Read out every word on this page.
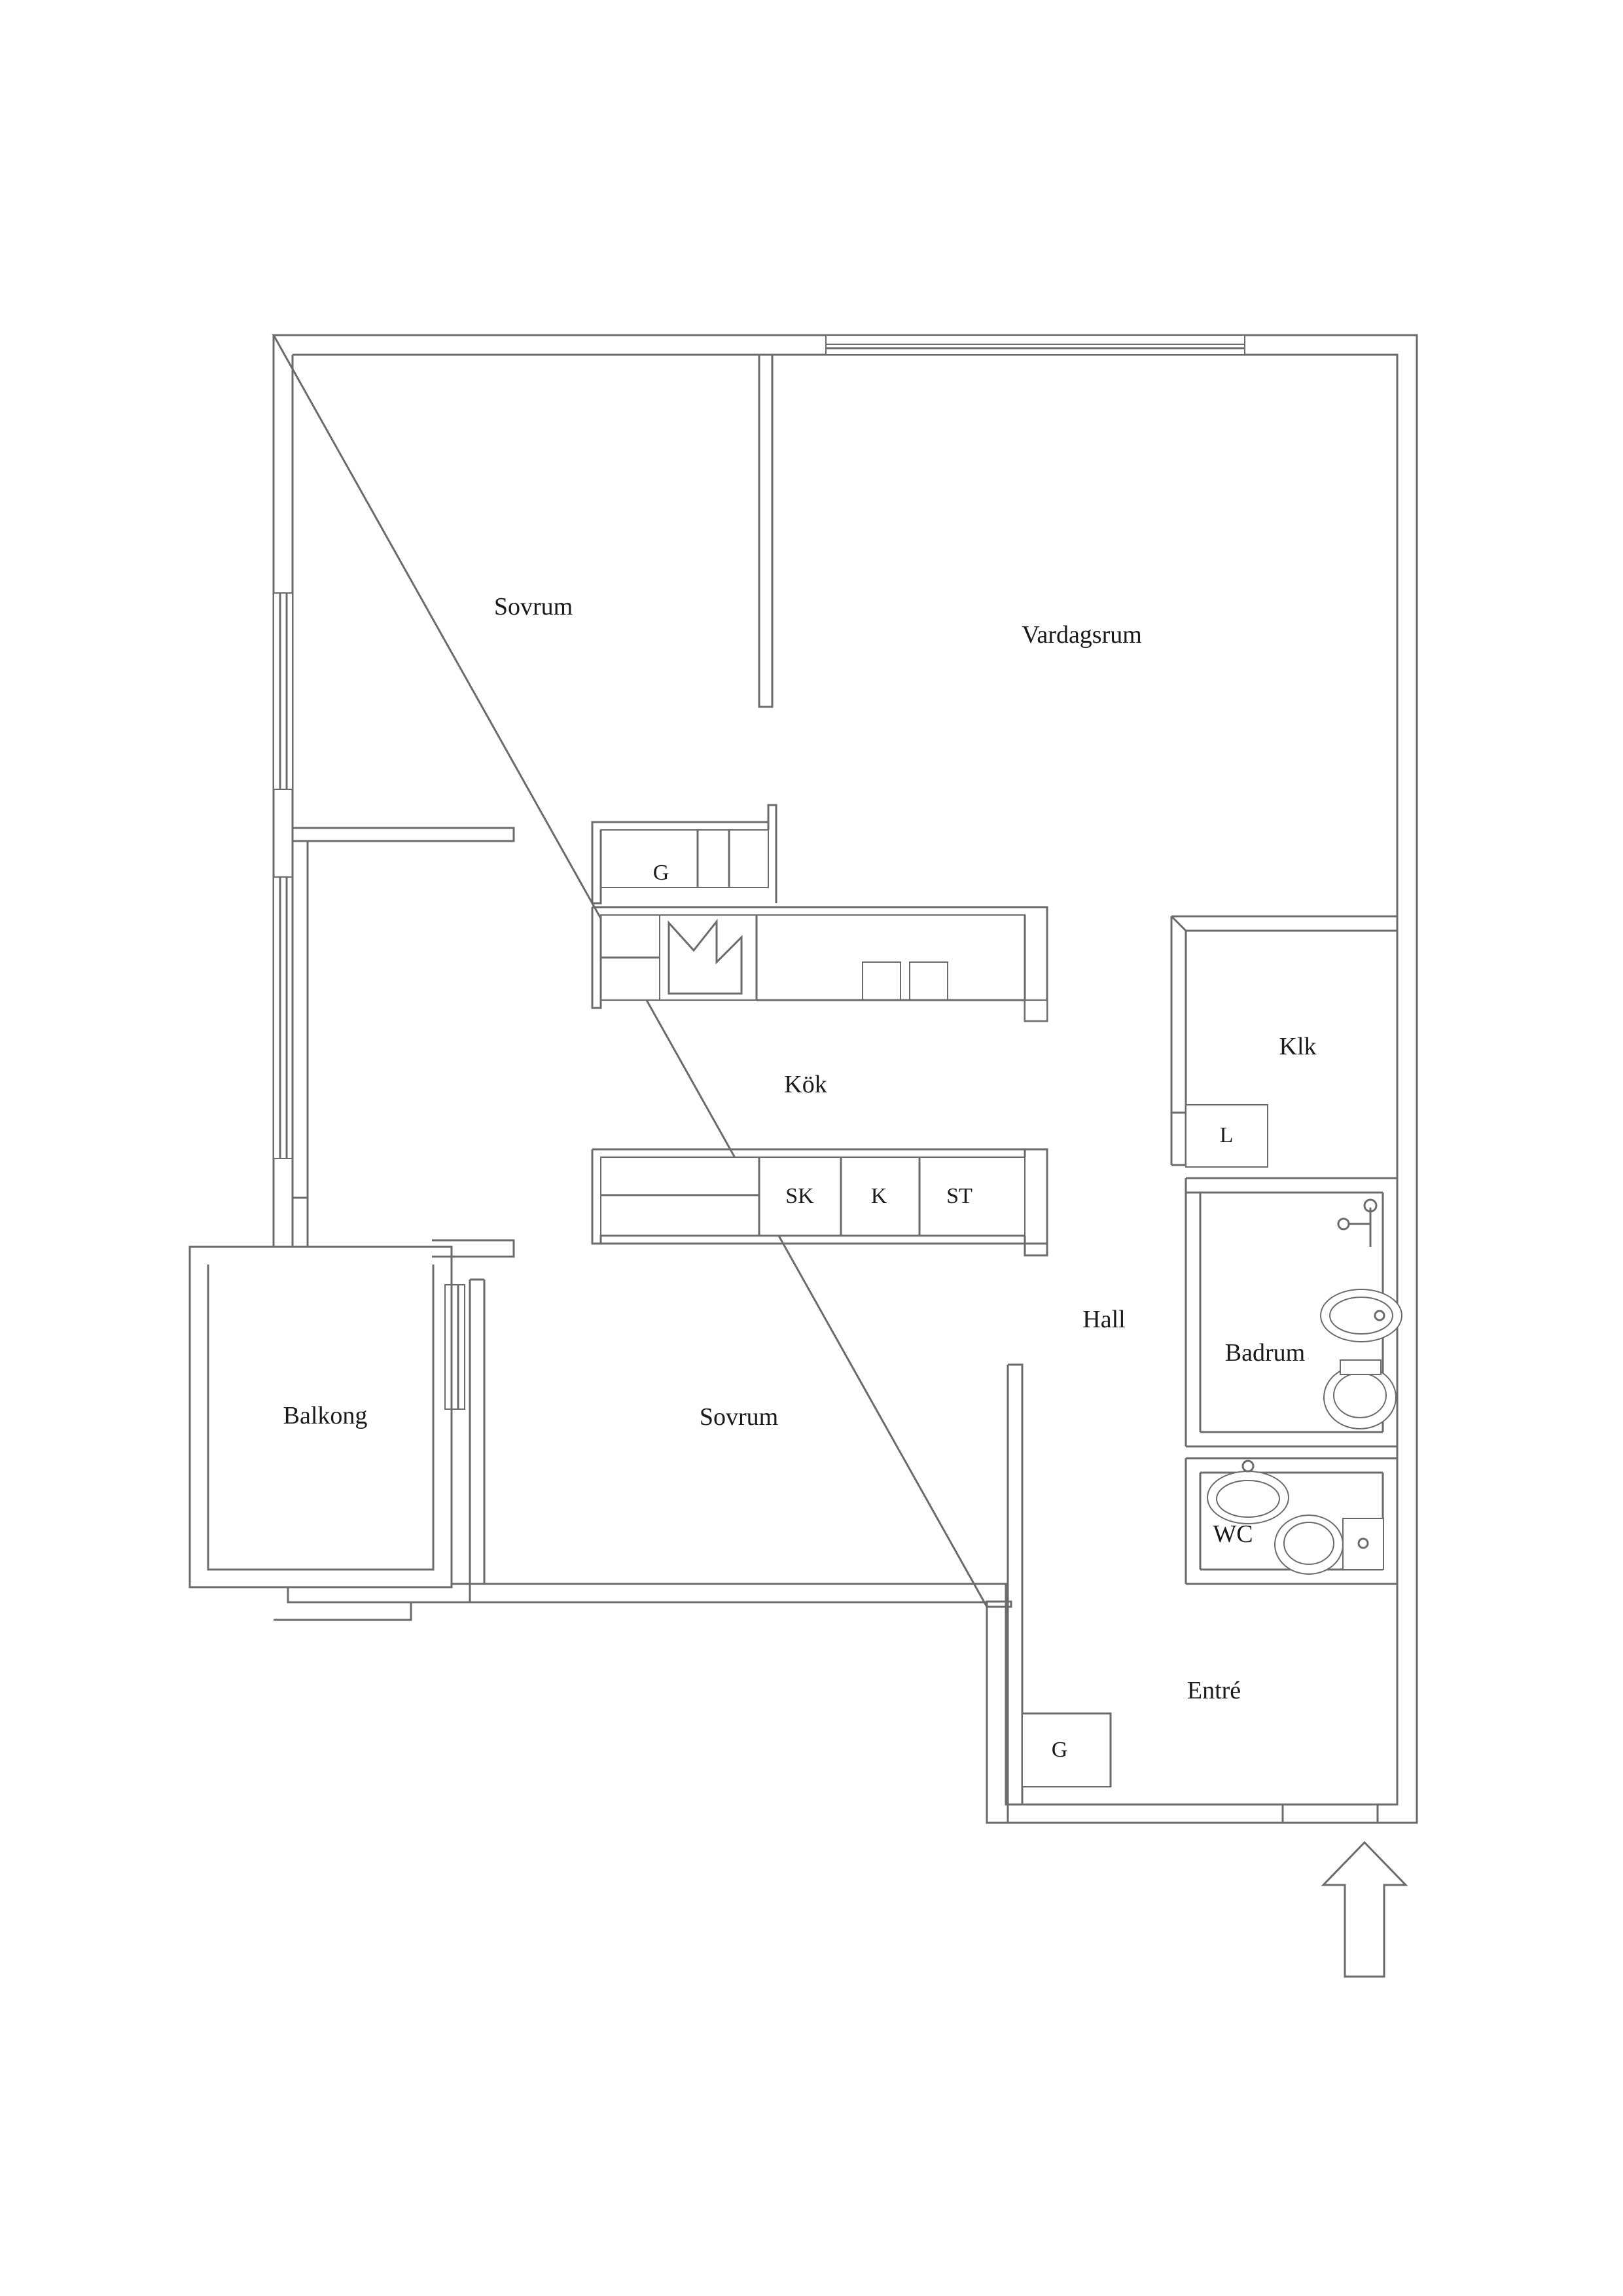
Sovrum
Vardagsrum
Kök
Klk
Hall
Badrum
WC
Balkong	Sovrum
Entré
G
SK	K	ST
L
G
